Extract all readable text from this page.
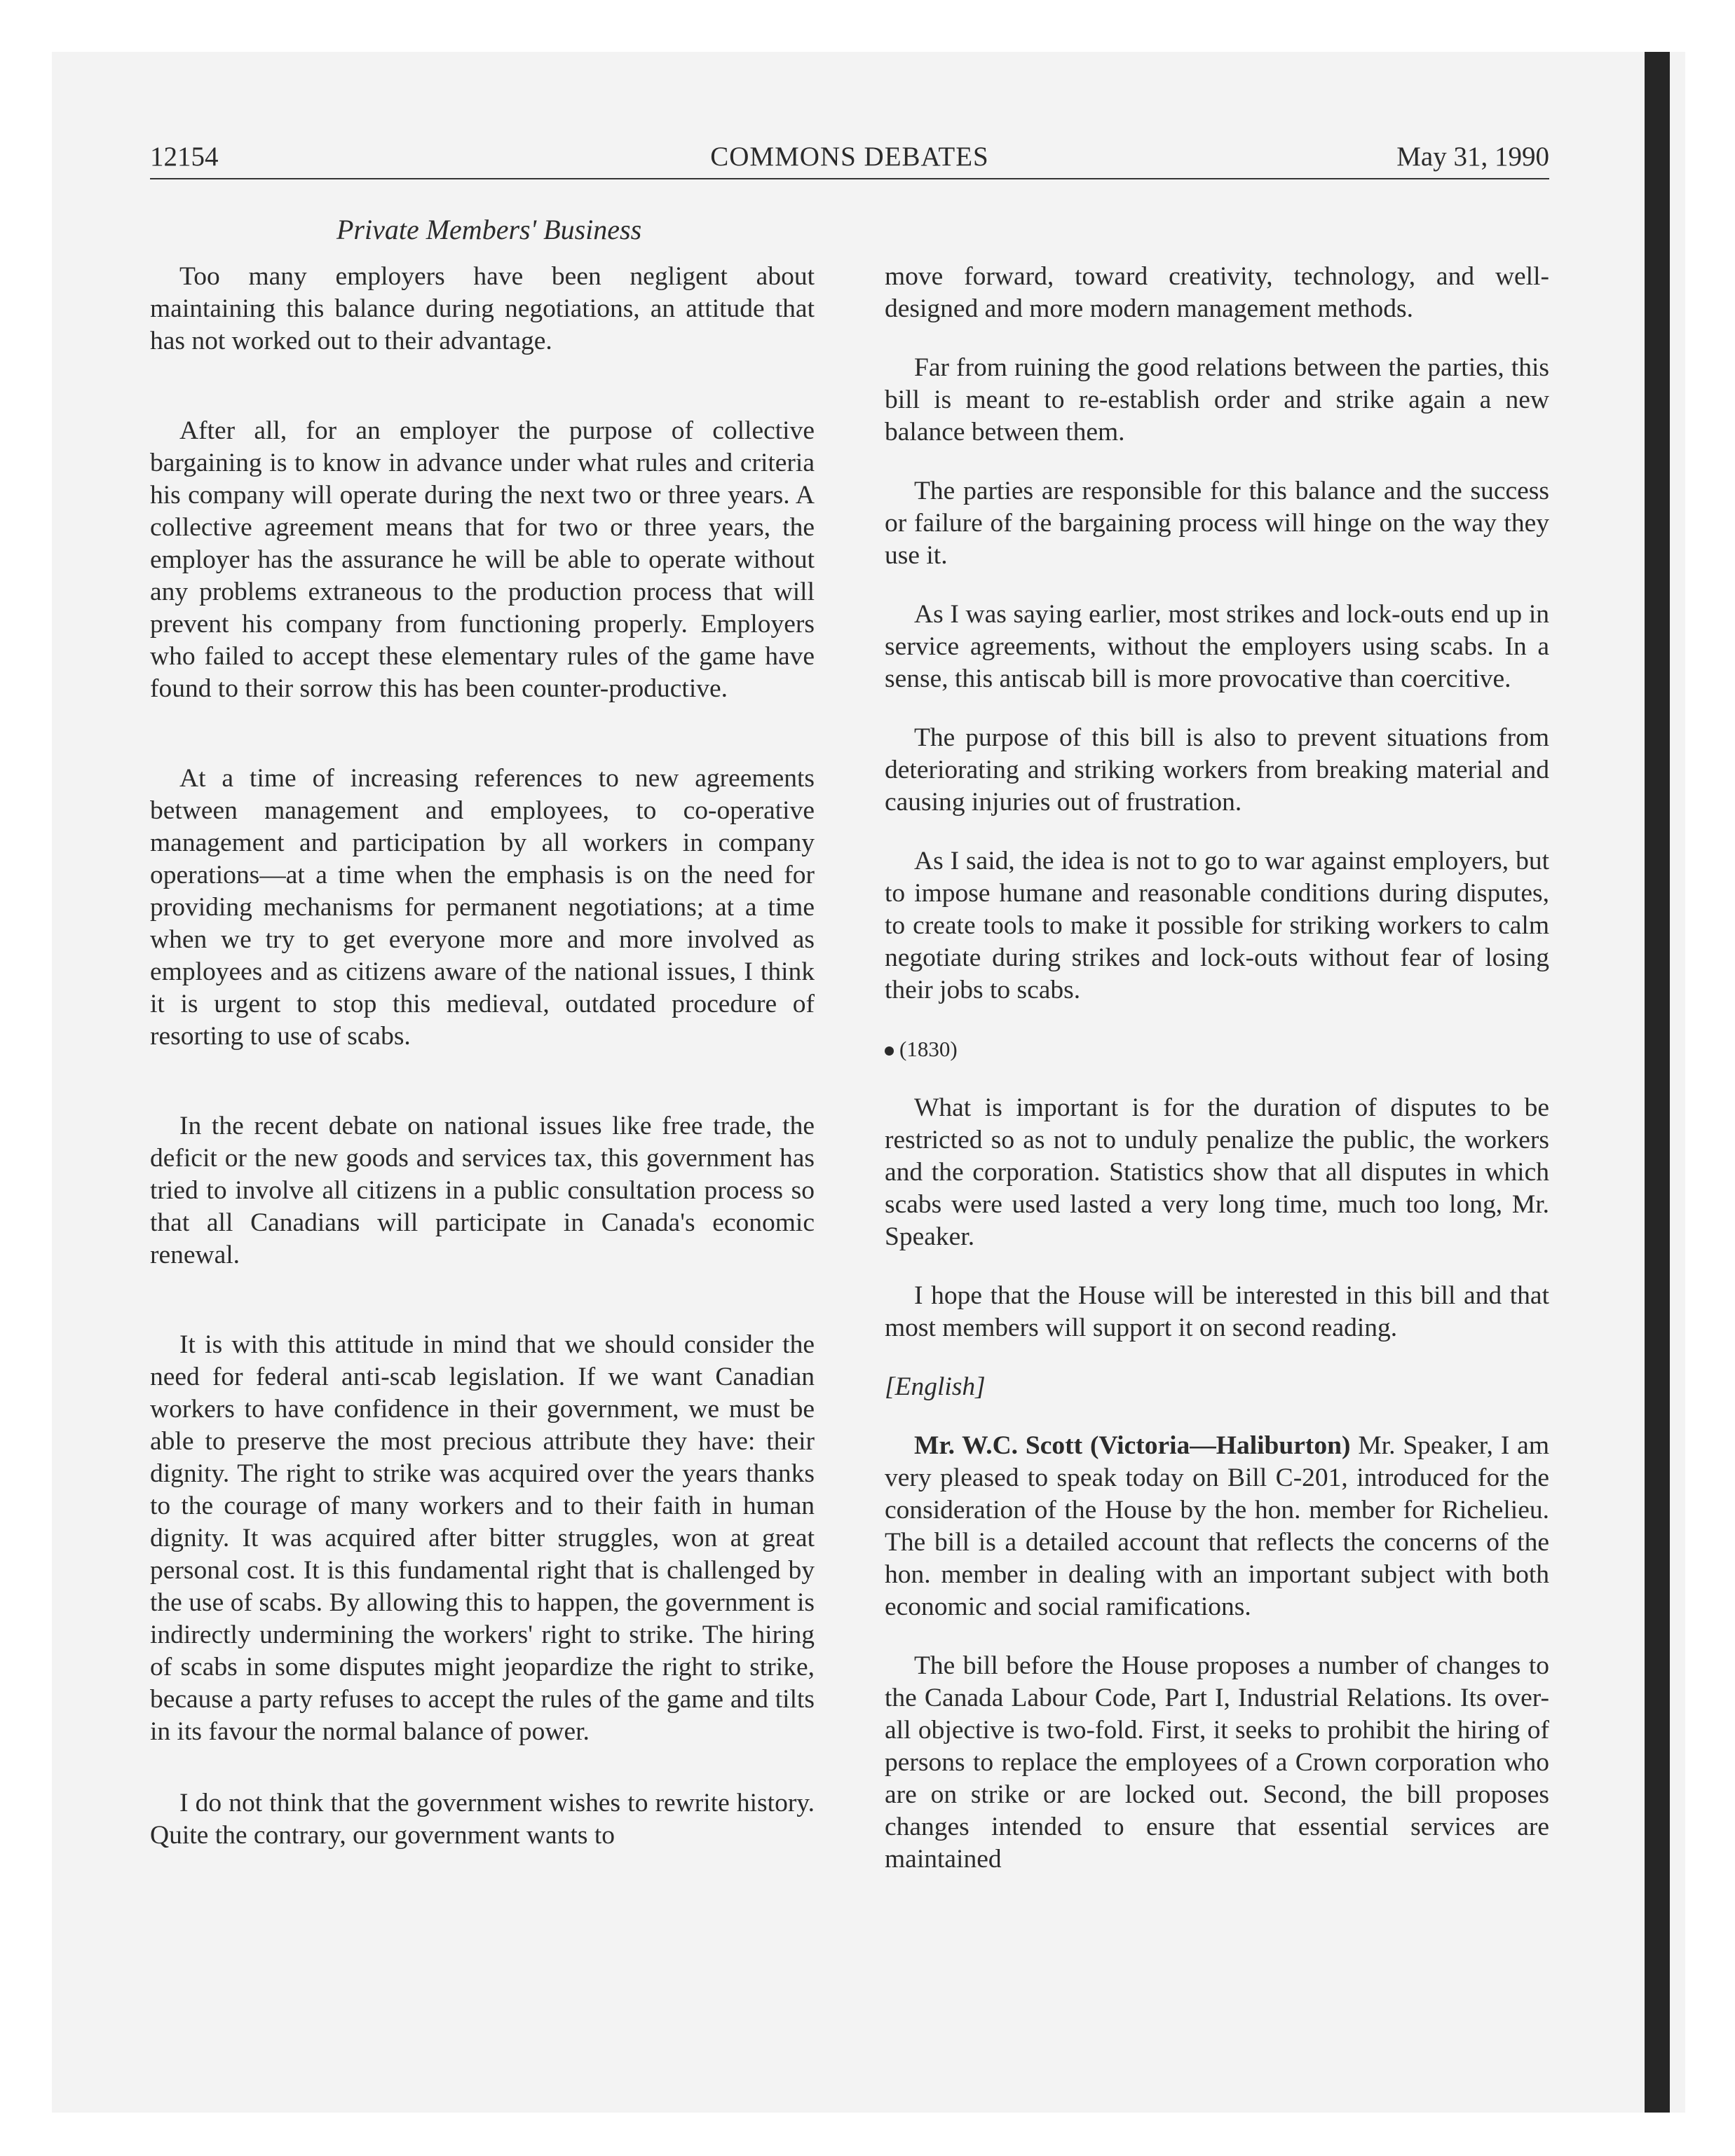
12154	COMMONS DEBATES	May 31, 1990
Private Members' Business

Too many employers have been negligent about maintaining this balance during negotiations, an attitude that has not worked out to their advantage.

After all, for an employer the purpose of collective bargaining is to know in advance under what rules and criteria his company will operate during the next two or three years. A collective agreement means that for two or three years, the employer has the assurance he will be able to operate without any problems extraneous to the production process that will prevent his company from functioning properly. Employers who failed to accept these elementary rules of the game have found to their sorrow this has been counter-productive.

At a time of increasing references to new agreements between management and employees, to co-operative management and participation by all workers in company operations—at a time when the emphasis is on the need for providing mechanisms for permanent negotiations; at a time when we try to get everyone more and more involved as employees and as citizens aware of the national issues, I think it is urgent to stop this medieval, outdated procedure of resorting to use of scabs.

In the recent debate on national issues like free trade, the deficit or the new goods and services tax, this government has tried to involve all citizens in a public consultation process so that all Canadians will participate in Canada's economic renewal.

It is with this attitude in mind that we should consider the need for federal anti-scab legislation. If we want Canadian workers to have confidence in their government, we must be able to preserve the most precious attribute they have: their dignity. The right to strike was acquired over the years thanks to the courage of many workers and to their faith in human dignity. It was acquired after bitter struggles, won at great personal cost. It is this fundamental right that is challenged by the use of scabs. By allowing this to happen, the government is indirectly undermining the workers' right to strike. The hiring of scabs in some disputes might jeopardize the right to strike, because a party refuses to accept the rules of the game and tilts in its favour the normal balance of power.

I do not think that the government wishes to rewrite history. Quite the contrary, our government wants to

move forward, toward creativity, technology, and well-designed and more modern management methods.

Far from ruining the good relations between the parties, this bill is meant to re-establish order and strike again a new balance between them.

The parties are responsible for this balance and the success or failure of the bargaining process will hinge on the way they use it.

As I was saying earlier, most strikes and lock-outs end up in service agreements, without the employers using scabs. In a sense, this antiscab bill is more provocative than coercitive.

The purpose of this bill is also to prevent situations from deteriorating and striking workers from breaking material and causing injuries out of frustration.

As I said, the idea is not to go to war against employers, but to impose humane and reasonable conditions during disputes, to create tools to make it possible for striking workers to calm negotiate during strikes and lock-outs without fear of losing their jobs to scabs.

(1830)

What is important is for the duration of disputes to be restricted so as not to unduly penalize the public, the workers and the corporation. Statistics show that all disputes in which scabs were used lasted a very long time, much too long, Mr. Speaker.

I hope that the House will be interested in this bill and that most members will support it on second reading.

[English]

Mr. W.C. Scott (Victoria—Haliburton) Mr. Speaker, I am very pleased to speak today on Bill C-201, introduced for the consideration of the House by the hon. member for Richelieu. The bill is a detailed account that reflects the concerns of the hon. member in dealing with an important subject with both economic and social ramifications.

The bill before the House proposes a number of changes to the Canada Labour Code, Part I, Industrial Relations. Its over-all objective is two-fold. First, it seeks to prohibit the hiring of persons to replace the employees of a Crown corporation who are on strike or are locked out. Second, the bill proposes changes intended to ensure that essential services are maintained
